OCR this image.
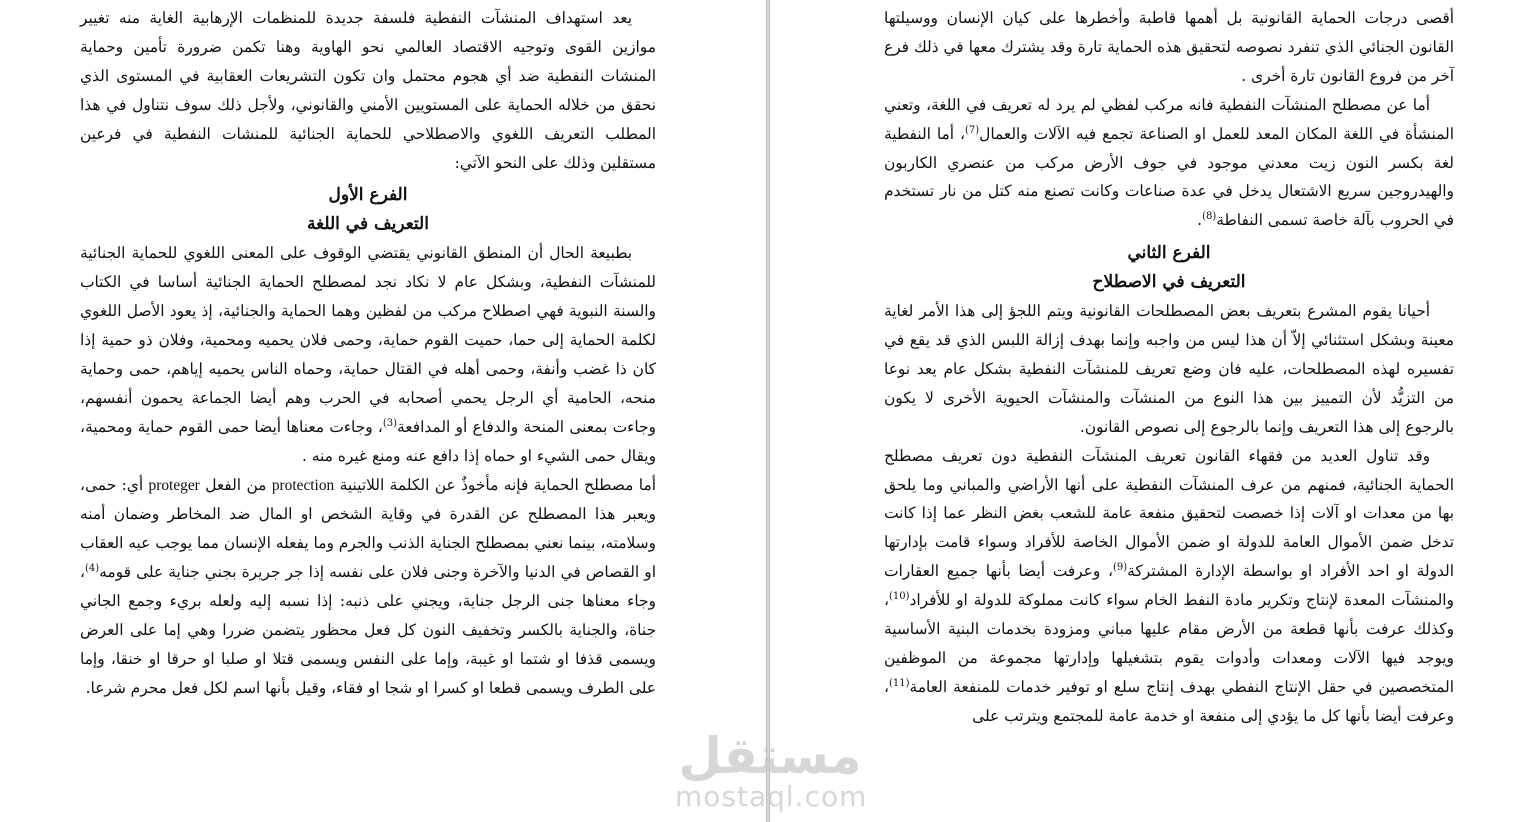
يعد استهداف المنشآت النفطية فلسفة جديدة للمنظمات الإرهابية الغاية منه تغيير موازين القوى وتوجيه الاقتصاد العالمي نحو الهاوية وهنا تكمن ضرورة تأمين وحماية المنشات النفطية ضد أي هجوم محتمل وان تكون التشريعات العقابية في المستوى الذي نحقق من خلاله الحماية على المستويين الأمني والقانوني، ولأجل ذلك سوف نتناول في هذا المطلب التعريف اللغوي والاصطلاحي للحماية الجنائية للمنشات النفطية في فرعين مستقلين وذلك على النحو الآتي:

الفرع الأول

التعريف في اللغة

بطبيعة الحال أن المنطق القانوني يقتضي الوقوف على المعنى اللغوي للحماية الجنائية للمنشآت النفطية، وبشكل عام لا نكاد نجد لمصطلح الحماية الجنائية أساسا في الكتاب والسنة النبوية فهي اصطلاح مركب من لفظين وهما الحماية والجنائية، إذ يعود الأصل اللغوي لكلمة الحماية إلى حما، حميت القوم حماية، وحمى فلان يحميه ومحمية، وفلان ذو حمية إذا كان ذا غضب وأنفة، وحمى أهله في القتال حماية، وحماه الناس يحميه إياهم، حمى وحماية منحه، الحامية أي الرجل يحمي أصحابه في الحرب وهم أيضا الجماعة يحمون أنفسهم، وجاءت بمعنى المنحة والدفاع أو المدافعة$^{(3)}$، وجاءت معناها أيضا حمى القوم حماية ومحمية، ويقال حمى الشيء او حماه إذا دافع عنه ومنع غيره منه .

أما مصطلح الحماية فإنه مأخوذٌ عن الكلمة اللاتينية protection من الفعل proteger أي: حمى، ويعبر هذا المصطلح عن القدرة في وقاية الشخص او المال ضد المخاطر وضمان أمنه وسلامته، بينما نعني بمصطلح الجناية الذنب والجرم وما يفعله الإنسان مما يوجب عيه العقاب او القصاص في الدنيا والآخرة وجنى فلان على نفسه إذا جر جريرة بجني جناية على قومه$^{(4)}$، وجاء معناها جنى الرجل جناية، ويجني على ذنبه: إذا نسبه إليه ولعله بريء وجمع الجاني جناة، والجناية بالكسر وتخفيف النون كل فعل محظور يتضمن ضررا وهي إما على العرض ويسمى قذفا او شتما او غيبة، وإما على النفس ويسمى قتلا او صلبا او حرقا او خنقا، وإما على الطرف ويسمى قطعا او كسرا او شجا او فقاء، وقيل بأنها اسم لكل فعل محرم شرعا.

أقصى درجات الحماية القانونية بل أهمها قاطبة وأخطرها على كيان الإنسان ووسيلتها القانون الجنائي الذي تنفرد نصوصه لتحقيق هذه الحماية تارة وقد يشترك معها في ذلك فرع آخر من فروع القانون تارة أخرى .

أما عن مصطلح المنشآت النفطية فانه مركب لفظي لم يرد له تعريف في اللغة، وتعني المنشأة في اللغة المكان المعد للعمل او الصناعة تجمع فيه الآلات والعمال$^{(7)}$، أما النفطية لغة بكسر النون زيت معدني موجود في جوف الأرض مركب من عنصري الكاربون والهيدروجين سريع الاشتعال يدخل في عدة صناعات وكانت تصنع منه كتل من نار تستخدم في الحروب بآلة خاصة تسمى النفاطة$^{(8)}$.

الفرع الثاني

التعريف في الاصطلاح

أحيانا يقوم المشرع بتعريف بعض المصطلحات القانونية ويتم اللجؤ إلى هذا الأمر لغاية معينة وبشكل استثنائي إلاّ أن هذا ليس من واجبه وإنما بهدف إزالة اللبس الذي قد يقع في تفسيره لهذه المصطلحات، عليه فان وضع تعريف للمنشآت النفطية بشكل عام يعد نوعا من التزيُّد لأن التمييز بين هذا النوع من المنشآت والمنشآت الحيوية الأخرى لا يكون بالرجوع إلى هذا التعريف وإنما بالرجوع إلى نصوص القانون.

وقد تناول العديد من فقهاء القانون تعريف المنشآت النفطية دون تعريف مصطلح الحماية الجنائية، فمنهم من عرف المنشآت النفطية على أنها الأراضي والمباني وما يلحق بها من معدات او آلات إذا خصصت لتحقيق منفعة عامة للشعب بغض النظر عما إذا كانت تدخل ضمن الأموال العامة للدولة او ضمن الأموال الخاصة للأفراد وسواء قامت بإدارتها الدولة او احد الأفراد او بواسطة الإدارة المشتركة$^{(9)}$، وعرفت أيضا بأنها جميع العقارات والمنشآت المعدة لإنتاج وتكرير مادة النفط الخام سواء كانت مملوكة للدولة او للأفراد$^{(10)}$، وكذلك عرفت بأنها قطعة من الأرض مقام عليها مباني ومزودة بخدمات البنية الأساسية ويوجد فيها الآلات ومعدات وأدوات يقوم بتشغيلها وإدارتها مجموعة من الموظفين المتخصصين في حقل الإنتاج النفطي بهدف إنتاج سلع او توفير خدمات للمنفعة العامة$^{(11)}$، وعرفت أيضا بأنها كل ما يؤدي إلى منفعة او خدمة عامة للمجتمع ويترتب على

مستقل
mostaql.com
